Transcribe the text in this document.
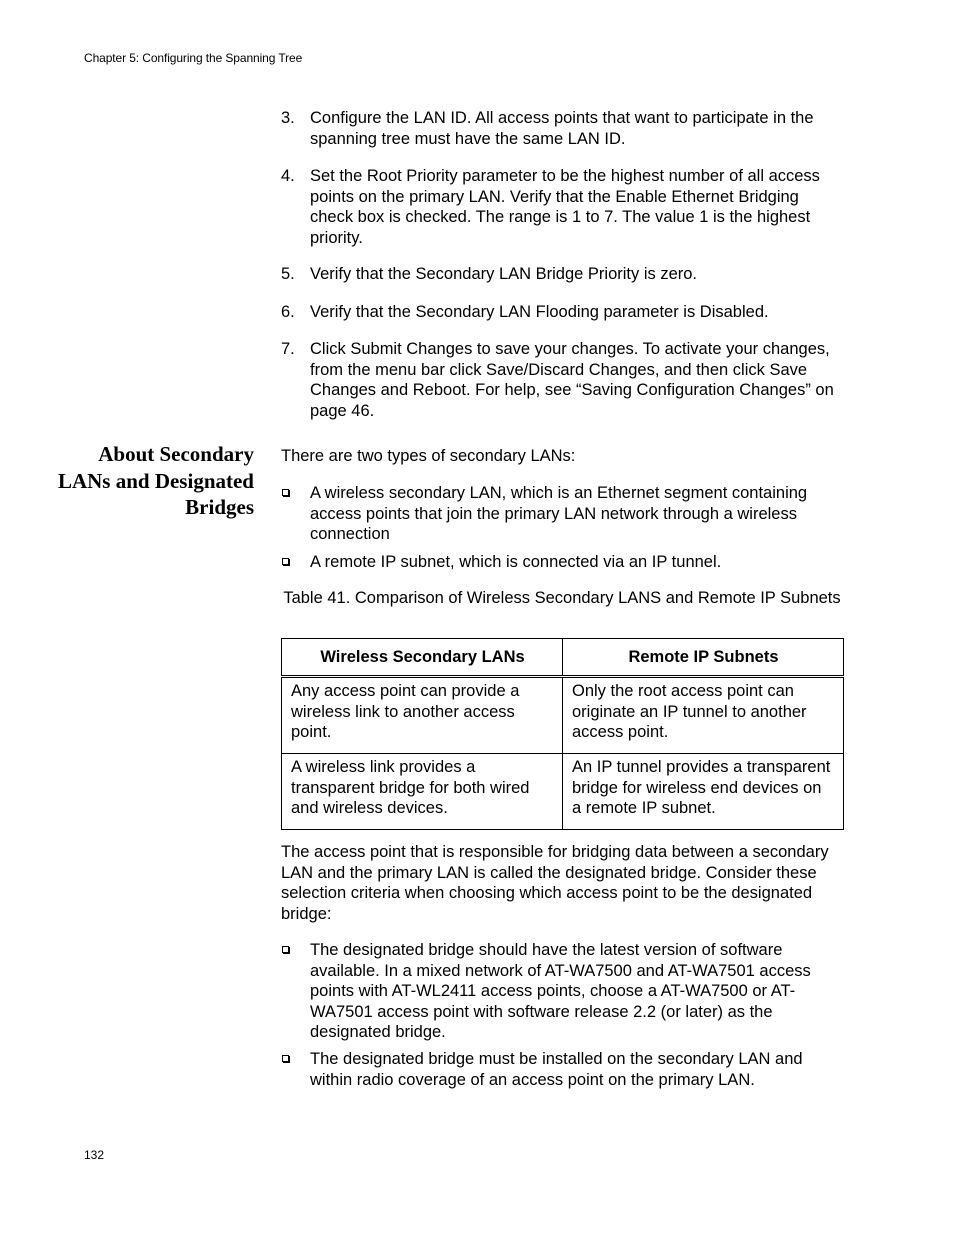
Chapter 5: Configuring the Spanning Tree
3. Configure the LAN ID. All access points that want to participate in the spanning tree must have the same LAN ID.
4. Set the Root Priority parameter to be the highest number of all access points on the primary LAN. Verify that the Enable Ethernet Bridging check box is checked. The range is 1 to 7. The value 1 is the highest priority.
5. Verify that the Secondary LAN Bridge Priority is zero.
6. Verify that the Secondary LAN Flooding parameter is Disabled.
7. Click Submit Changes to save your changes. To activate your changes, from the menu bar click Save/Discard Changes, and then click Save Changes and Reboot. For help, see “Saving Configuration Changes” on page 46.
About Secondary LANs and Designated Bridges
There are two types of secondary LANs:
A wireless secondary LAN, which is an Ethernet segment containing access points that join the primary LAN network through a wireless connection
A remote IP subnet, which is connected via an IP tunnel.
Table 41. Comparison of Wireless Secondary LANS and Remote IP Subnets
Wireless Secondary LANs	Remote IP Subnets
Any access point can provide a wireless link to another access point.	Only the root access point can originate an IP tunnel to another access point.
A wireless link provides a transparent bridge for both wired and wireless devices.	An IP tunnel provides a transparent bridge for wireless end devices on a remote IP subnet.
The access point that is responsible for bridging data between a secondary LAN and the primary LAN is called the designated bridge. Consider these selection criteria when choosing which access point to be the designated bridge:
The designated bridge should have the latest version of software available. In a mixed network of AT-WA7500 and AT-WA7501 access points with AT-WL2411 access points, choose a AT-WA7500 or AT-WA7501 access point with software release 2.2 (or later) as the designated bridge.
The designated bridge must be installed on the secondary LAN and within radio coverage of an access point on the primary LAN.
132
